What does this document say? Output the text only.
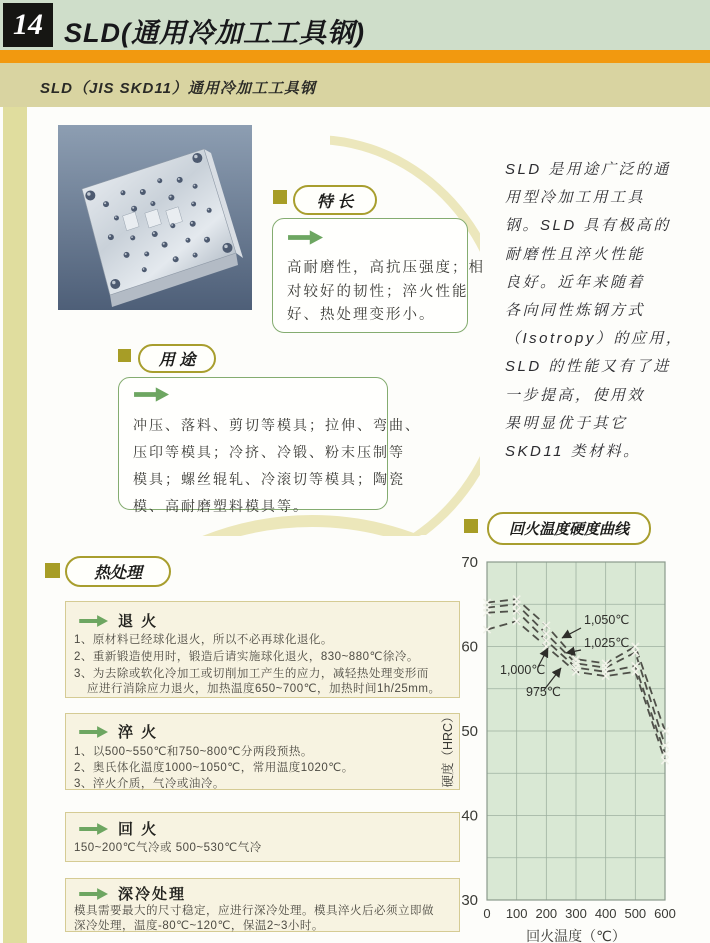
14 SLD(通用冷加工工具钢)
SLD（JIS SKD11）通用冷加工工具钢
特 长
高耐磨性，高抗压强度；相
对较好的韧性；淬火性能
好、热处理变形小。
用 途
冲压、落料、剪切等模具；拉伸、弯曲、
压印等模具；冷挤、冷锻、粉末压制等
模具；螺丝辊轧、冷滚切等模具；陶瓷
模、高耐磨塑料模具等。
SLD 是用途广泛的通
用型冷加工用工具
钢。SLD 具有极高的
耐磨性且淬火性能
良好。近年来随着
各向同性炼钢方式
（Isotropy）的应用，
SLD 的性能又有了进
一步提高，使用效
果明显优于其它
SKD11 类材料。
热处理
退 火
1、原材料已经球化退火，所以不必再球化退化。
2、重新锻造使用时，锻造后请实施球化退火，830~880℃徐冷。
3、为去除或软化冷加工或切削加工产生的应力，减轻热处理变形而
应进行消除应力退火，加热温度650~700℃，加热时间1h/25mm。
淬 火
1、以500~550℃和750~800℃分两段预热。
2、奥氏体化温度1000~1050℃，常用温度1020℃。
3、淬火介质，气冷或油冷。
回 火
150~200℃气冷或 500~530℃气冷
深冷处理
模具需要最大的尺寸稳定，应进行深冷处理。模具淬火后必须立即做
深冷处理，温度-80℃~120℃，保温2~3小时。
回火温度硬度曲线
70
60
50
40
30
0 100 200 300 400 500 600
回火温度（℃）
硬度（HRC）
1,050℃
1,025℃
1,000℃
975℃
